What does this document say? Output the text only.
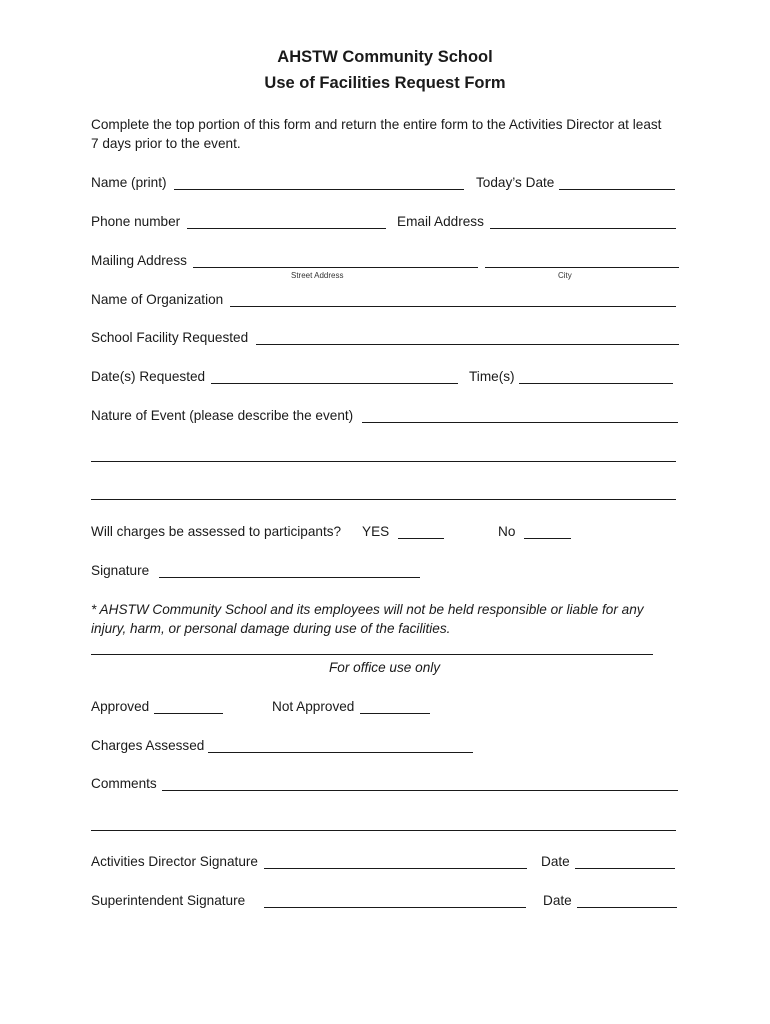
AHSTW Community School
Use of Facilities Request Form
Complete the top portion of this form and return the entire form to the Activities Director at least
7 days prior to the event.
Name (print)	Today’s Date
Phone number	Email Address
Mailing Address
Street Address	City
Name of Organization
School Facility Requested
Date(s) Requested	Time(s)
Nature of Event (please describe the event)
Will charges be assessed to participants? YES	No
Signature
* AHSTW Community School and its employees will not be held responsible or liable for any
injury, harm, or personal damage during use of the facilities.
For office use only
Approved	Not Approved
Charges Assessed
Comments
Activities Director Signature	Date
Superintendent Signature	Date
